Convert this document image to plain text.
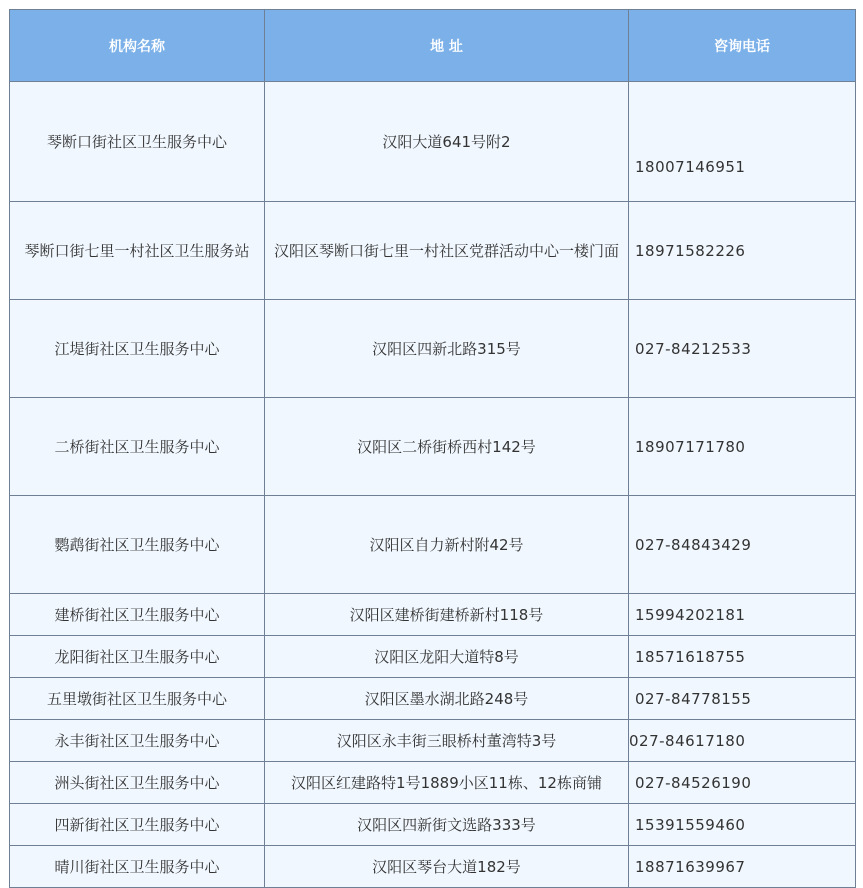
机构名称	地 址	咨询电话
琴断口街社区卫生服务中心	汉阳大道641号附2	18007146951
琴断口街七里一村社区卫生服务站	汉阳区琴断口街七里一村社区党群活动中心一楼门面	18971582226
江堤街社区卫生服务中心	汉阳区四新北路315号	027-84212533
二桥街社区卫生服务中心	汉阳区二桥街桥西村142号	18907171780
鹦鹉街社区卫生服务中心	汉阳区自力新村附42号	027-84843429
建桥街社区卫生服务中心	汉阳区建桥街建桥新村118号	15994202181
龙阳街社区卫生服务中心	汉阳区龙阳大道特8号	18571618755
五里墩街社区卫生服务中心	汉阳区墨水湖北路248号	027-84778155
永丰街社区卫生服务中心	汉阳区永丰街三眼桥村董湾特3号	027-84617180
洲头街社区卫生服务中心	汉阳区红建路特1号1889小区11栋、12栋商铺	027-84526190
四新街社区卫生服务中心	汉阳区四新街文选路333号	15391559460
晴川街社区卫生服务中心	汉阳区琴台大道182号	18871639967
